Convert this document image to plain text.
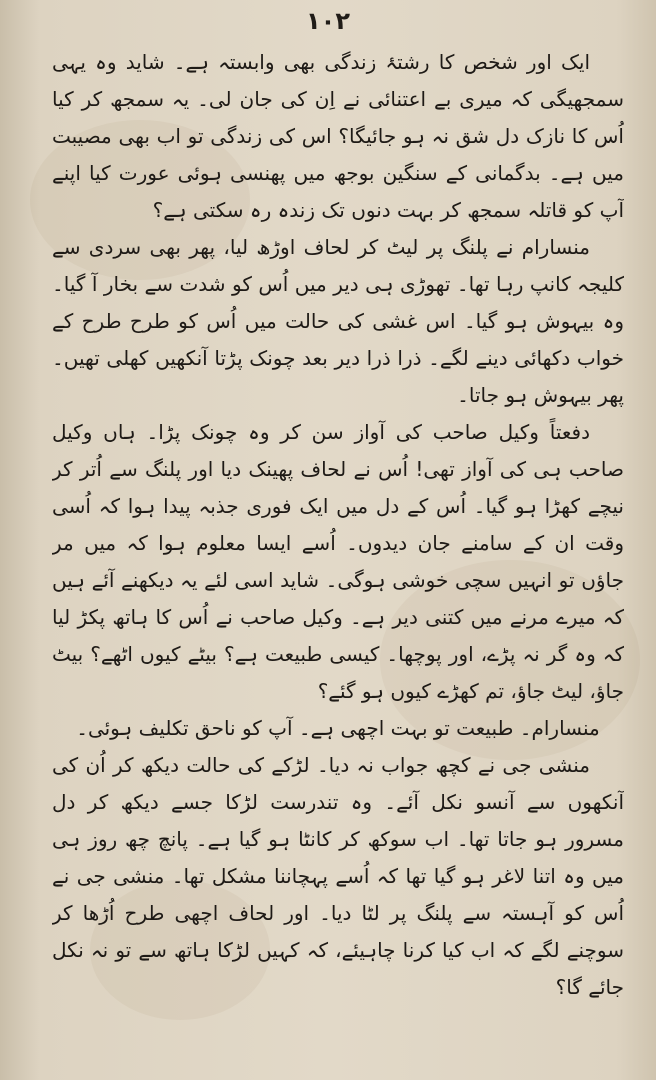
۱۰۲

ایک اور شخص کا رشتۂ زندگی بھی وابستہ ہے۔ شاید وہ یہی سمجھیگی کہ میری بے اعتنائی نے اِن کی جان لی۔ یہ سمجھ کر کیا اُس کا نازک دل شق نہ ہو جائیگا؟ اس کی زندگی تو اب بھی مصیبت میں ہے۔ بدگمانی کے سنگین بوجھ میں پھنسی ہوئی عورت کیا اپنے آپ کو قاتلہ سمجھ کر بہت دنوں تک زندہ رہ سکتی ہے؟

منسارام نے پلنگ پر لیٹ کر لحاف اوڑھ لیا، پھر بھی سردی سے کلیجہ کانپ رہا تھا۔ تھوڑی ہی دیر میں اُس کو شدت سے بخار آ گیا۔ وہ بیہوش ہو گیا۔ اس غشی کی حالت میں اُس کو طرح طرح کے خواب دکھائی دینے لگے۔ ذرا ذرا دیر بعد چونک پڑتا آنکھیں کھلی تھیں۔ پھر بیہوش ہو جاتا۔

دفعتاً وکیل صاحب کی آواز سن کر وہ چونک پڑا۔ ہاں وکیل صاحب ہی کی آواز تھی! اُس نے لحاف پھینک دیا اور پلنگ سے اُتر کر نیچے کھڑا ہو گیا۔ اُس کے دل میں ایک فوری جذبہ پیدا ہوا کہ اُسی وقت ان کے سامنے جان دیدوں۔ اُسے ایسا معلوم ہوا کہ میں مر جاؤں تو انہیں سچی خوشی ہوگی۔ شاید اسی لئے یہ دیکھنے آئے ہیں کہ میرے مرنے میں کتنی دیر ہے۔ وکیل صاحب نے اُس کا ہاتھ پکڑ لیا کہ وہ گر نہ پڑے، اور پوچھا۔ کیسی طبیعت ہے؟ بیٹے کیوں اٹھے؟ بیٹ جاؤ، لیٹ جاؤ، تم کھڑے کیوں ہو گئے؟

منسارام۔ طبیعت تو بہت اچھی ہے۔ آپ کو ناحق تکلیف ہوئی۔

منشی جی نے کچھ جواب نہ دیا۔ لڑکے کی حالت دیکھ کر اُن کی آنکھوں سے آنسو نکل آئے۔ وہ تندرست لڑکا جسے دیکھ کر دل مسرور ہو جاتا تھا۔ اب سوکھ کر کانٹا ہو گیا ہے۔ پانچ چھ روز ہی میں وہ اتنا لاغر ہو گیا تھا کہ اُسے پہچاننا مشکل تھا۔ منشی جی نے اُس کو آہستہ سے پلنگ پر لٹا دیا۔ اور لحاف اچھی طرح اُڑھا کر سوچنے لگے کہ اب کیا کرنا چاہیئے، کہ کہیں لڑکا ہاتھ سے تو نہ نکل جائے گا؟
